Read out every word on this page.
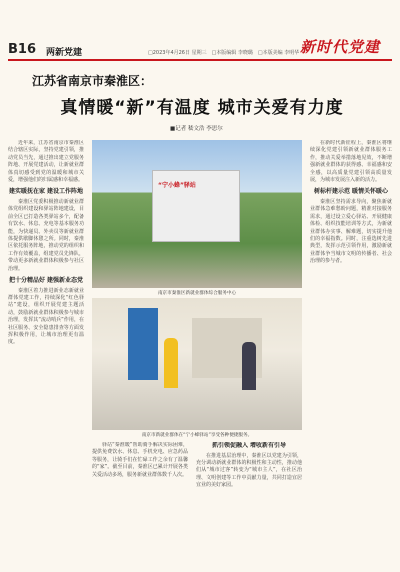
B16 两新党建	□2023年4月26日 星期三　□本版编辑 李晓璐　□本版美编 李明华 新时代党建
江苏省南京市秦淮区：
真情暖“新”有温度 城市关爱有力度
■记者 嵇文浩 李思尔

近年来，江苏省南京市秦淮区结合辖区实际，坚持党建引领，推动党员当先，通过推出建立党服务阵地、开展党建活动，让新就业群体真切感受到党的温暖和城市关爱，增强他们的归属感和幸福感。

建实暖抚在家 建设工作阵地

秦淮区党委积极推动新就业群体党组织建设和驿站阵地建设，目前全区已打造各类驿站多个，配备有饮水、休息、充电等基本服务功能，为快递员、外卖员等新就业群体提供歇脚休憩之所。同时，秦淮区依托服务阵地，推动党的组织和工作有效覆盖，组建党员先锋队，带动更多新就业群体积极参与社区治理。

把十分精品好 建强新业态党

秦淮区着力推进新业态新就业群体党建工作，持续深化“红色驿站”建设，组织开展党建主题活动，鼓励新就业群体积极参与城市治理，发挥其“流动哨兵”作用，在社区服务、安全隐患排查等方面发挥积极作用，让城市治理更有温度。

“宁小蜂”驿站
南京市秦淮区新就业群体综合服务中心
南京市新就业群体在“宁小蜂驿站”享受各种便捷服务。

驿站“秦淮暖”帮助骑手解决实际困难，提供免费饮水、休息、手机充电、应急药品等服务，让骑手们在忙碌工作之余有了温馨的“家”。截至目前，秦淮区已累计开展各类关爱活动多场，服务新就业群体数千人次。

抓引领促融入 增收新有引导

在推进基层治理中，秦淮区以党建为引领，充分调动新就业群体的积极性和主动性，推动他们从“城市过客”转变为“城市主人”，在社区治理、文明创建等工作中贡献力量，共同打造宜居宜业的美好家园。

在新时代新征程上，秦淮区将继续深化党建引领新就业群体服务工作，推动关爱举措落地见效，不断增强新就业群体的获得感、幸福感和安全感，以高质量党建引领高质量发展，为城市发展注入新的活力。

树标杆建示范 暖情关怀暖心

秦淮区坚持需求导向，聚焦新就业群体急难愁盼问题，精准对接服务需求，通过设立爱心驿站、开展健康体检、组织技能培训等方式，为新就业群体办实事、解难题，切实提升他们的幸福指数。同时，注重选树先进典型，发挥示范引领作用，激励新就业群体争当城市文明的传播者、社会治理的参与者。
